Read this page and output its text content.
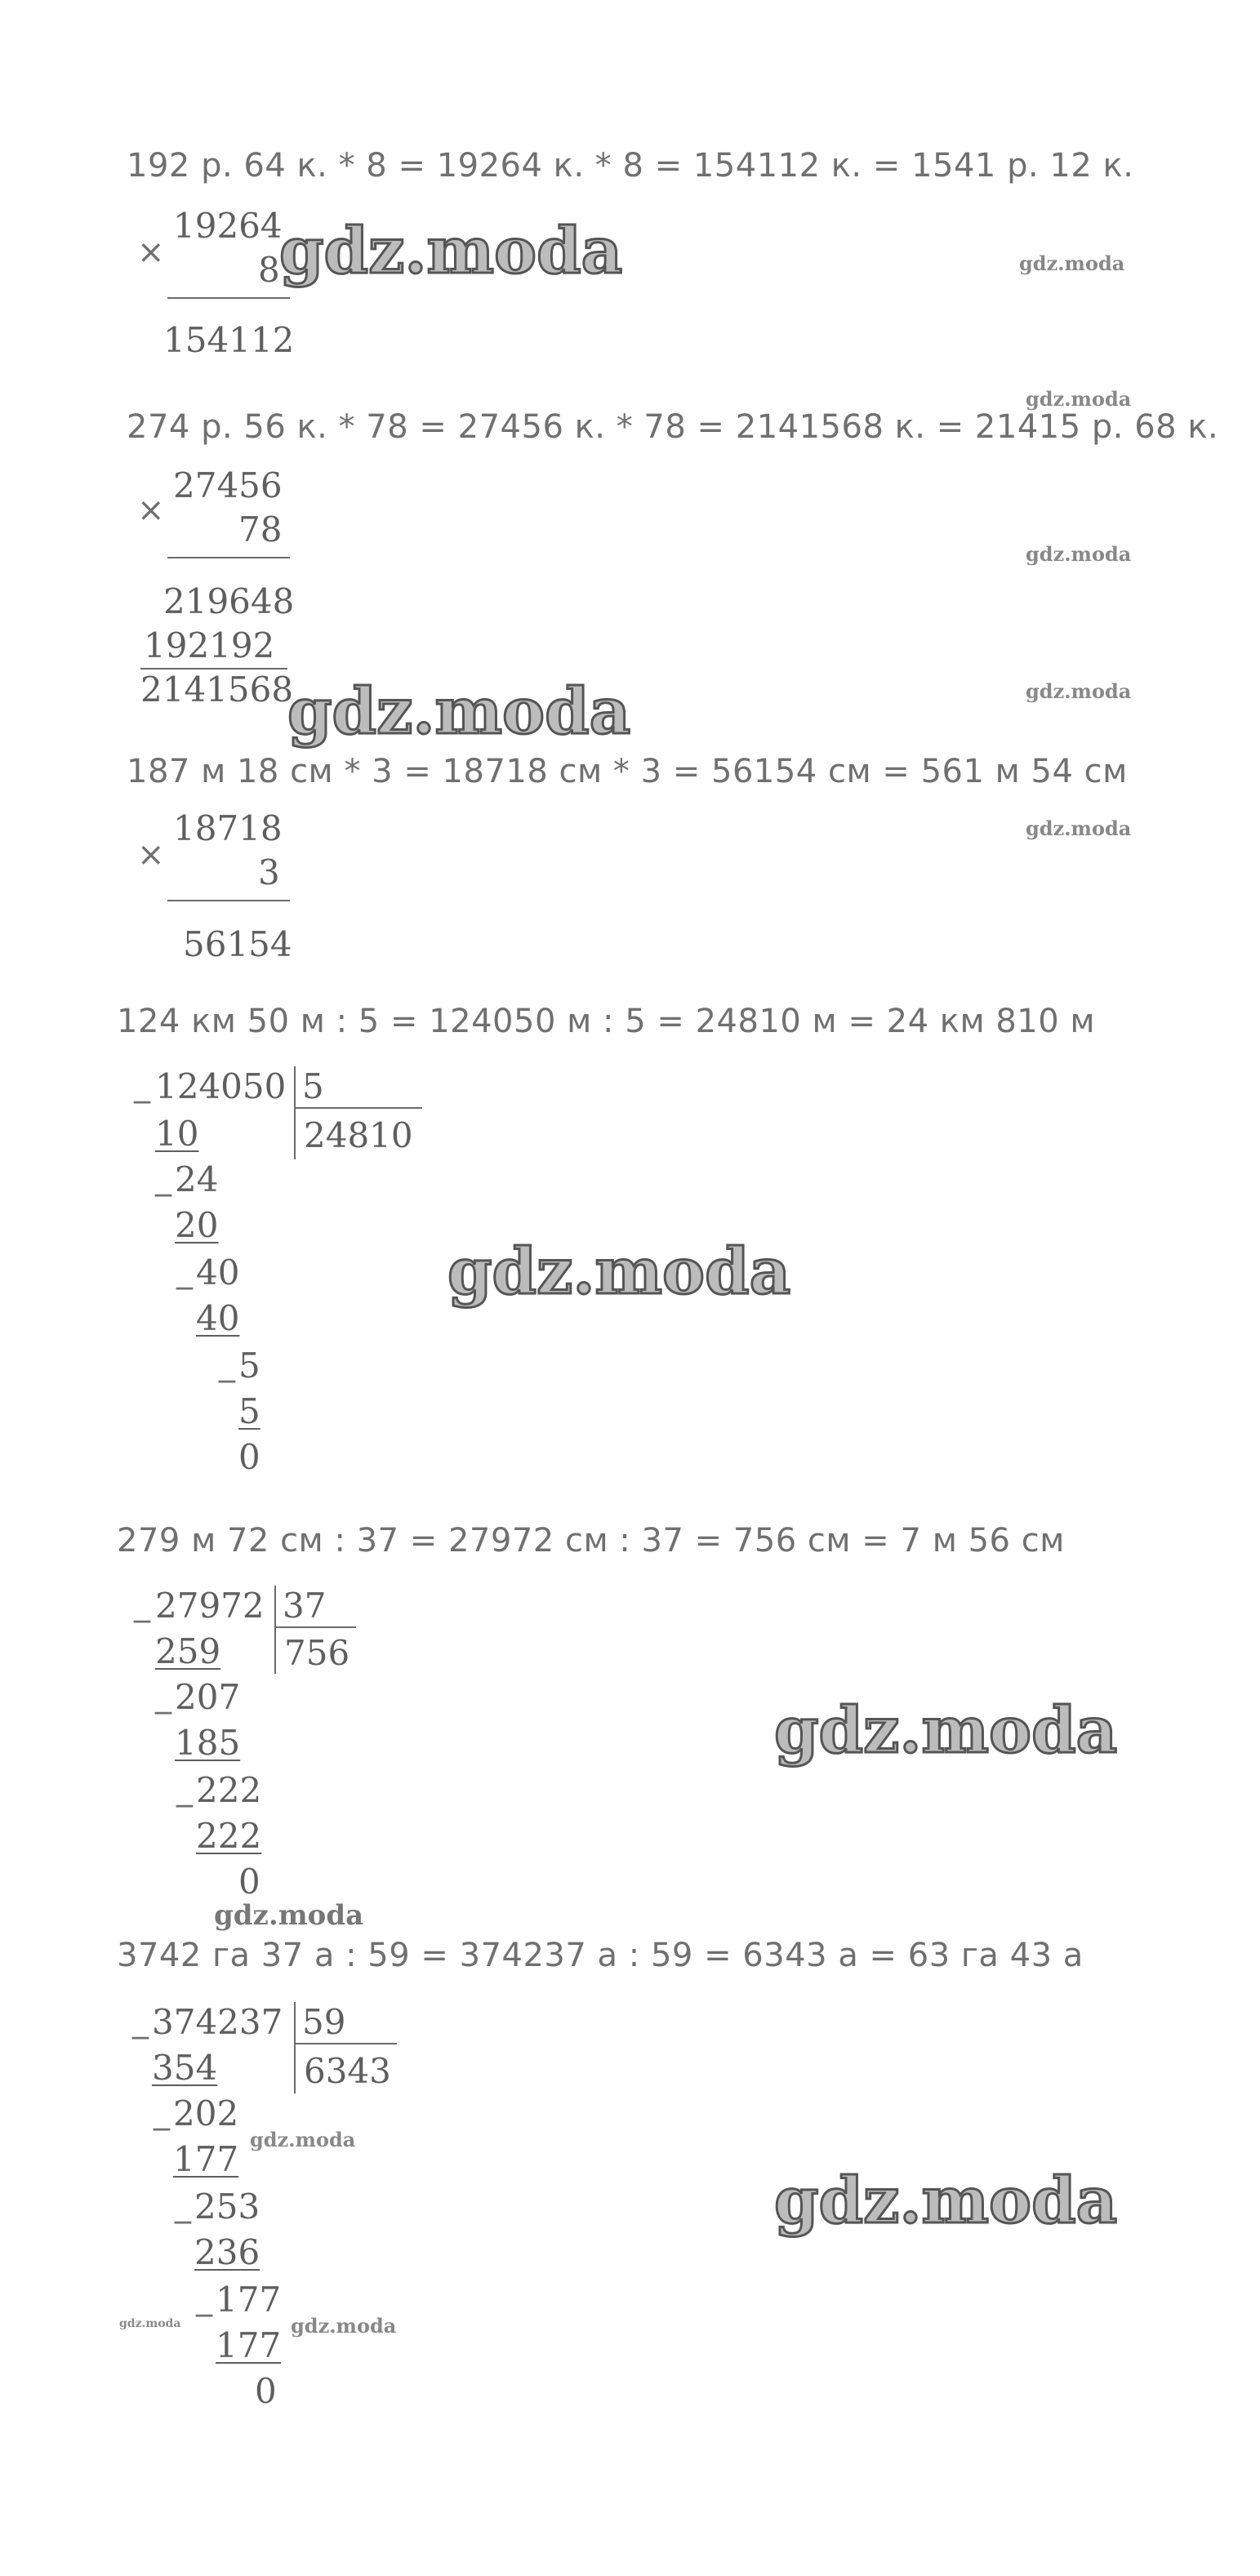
192 р. 64 к. * 8 = 19264 к. * 8 = 154112 к. = 1541 р. 12 к.
×
19264
8
154112
274 р. 56 к. * 78 = 27456 к. * 78 = 2141568 к. = 21415 р. 68 к.
×
27456
78
219648
192192
2141568
187 м 18 см * 3 = 18718 см * 3 = 56154 см = 561 м 54 см
×
18718
3
56154
124 км 50 м : 5 = 124050 м : 5 = 24810 м = 24 км 810 м
_ 124050 5
24810
10
_ 24
20
_ 40
40
_ 5
5
0
279 м 72 см : 37 = 27972 см : 37 = 756 см = 7 м 56 см
_ 27972 37
756
259
_ 207
185
_ 222
222
0
3742 га 37 а : 59 = 374237 а : 59 = 6343 а = 63 га 43 а
_ 374237 59
6343
354
_ 202
177
_ 253
236
_ 177
177
0
gdz.moda	gdz.moda
gdz.moda
gdz.moda
gdz.moda
gdz.moda
gdz.moda
gdz.moda
gdz.moda
gdz.moda
gdz.moda
gdz.moda
gdz.moda	gdz.moda
